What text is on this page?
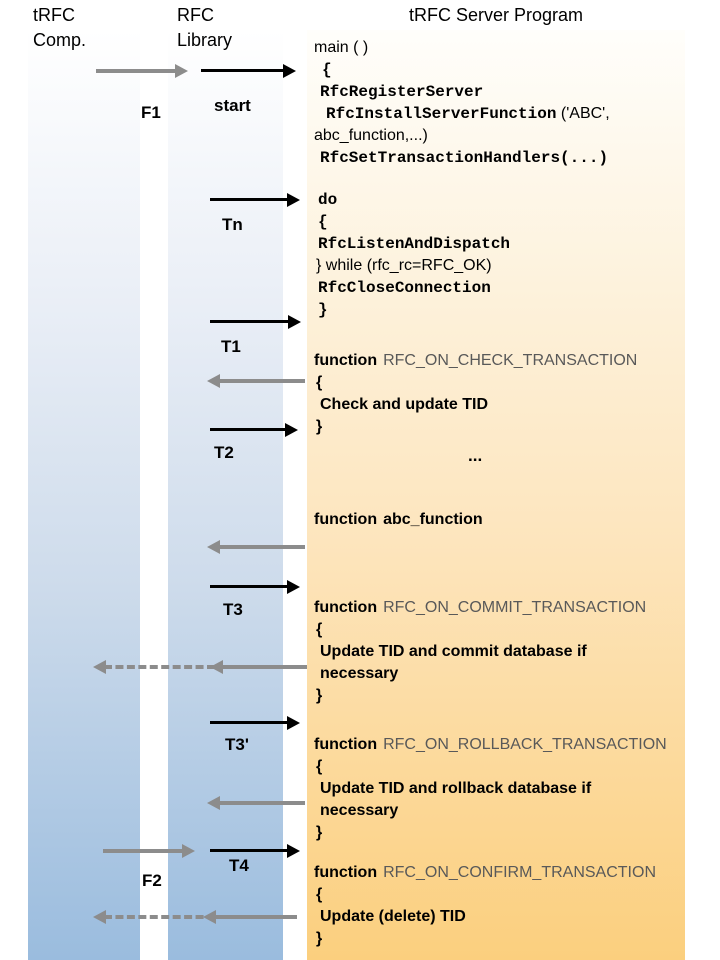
tRFC
Comp.
RFC
Library
tRFC Server Program
F1	start
Tn
T1
T2
T3
T3'
T4
F2
main ( )
{
RfcRegisterServer
RfcInstallServerFunction ('ABC',
abc_function,...)
RfcSetTransactionHandlers(...)
do
{
RfcListenAndDispatch
} while (rfc_rc=RFC_OK)
RfcCloseConnection
}
function RFC_ON_CHECK_TRANSACTION
{
Check and update TID
}
...
function abc_function
function RFC_ON_COMMIT_TRANSACTION
{
Update TID and commit database if
necessary
}
function RFC_ON_ROLLBACK_TRANSACTION
{
Update TID and rollback database if
necessary
}
function RFC_ON_CONFIRM_TRANSACTION
{
Update (delete) TID
}
